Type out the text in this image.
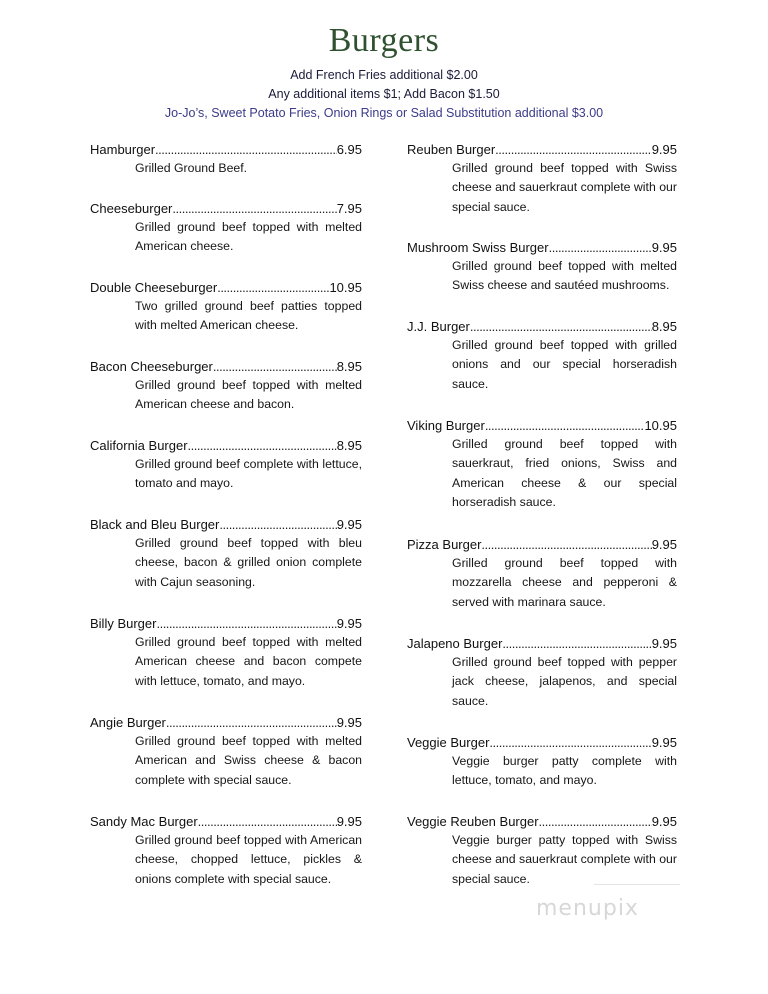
Burgers
Add French Fries additional $2.00
Any additional items $1; Add Bacon $1.50
Jo-Jo’s, Sweet Potato Fries, Onion Rings or Salad Substitution additional $3.00
Hamburger .....	6.95
Grilled Ground Beef.
Cheeseburger .....	7.95
Grilled ground beef topped with melted American cheese.
Double Cheeseburger .....	10.95
Two grilled ground beef patties topped with melted American cheese.
Bacon Cheeseburger .....	8.95
Grilled ground beef topped with melted American cheese and bacon.
California Burger .....	8.95
Grilled ground beef complete with lettuce, tomato and mayo.
Black and Bleu Burger .....	9.95
Grilled ground beef topped with bleu cheese, bacon & grilled onion complete with Cajun seasoning.
Billy Burger .....	9.95
Grilled ground beef topped with melted American cheese and bacon compete with lettuce, tomato, and mayo.
Angie Burger .....	9.95
Grilled ground beef topped with melted American and Swiss cheese & bacon complete with special sauce.
Sandy Mac Burger .....	9.95
Grilled ground beef topped with American cheese, chopped lettuce, pickles & onions complete with special sauce.
Reuben Burger .....	9.95
Grilled ground beef topped with Swiss cheese and sauerkraut complete with our special sauce.
Mushroom Swiss Burger .....	9.95
Grilled ground beef topped with melted Swiss cheese and sautéed mushrooms.
J.J. Burger .....	8.95
Grilled ground beef topped with grilled onions and our special horseradish sauce.
Viking Burger .....	10.95
Grilled ground beef topped with sauerkraut, fried onions, Swiss and American cheese & our special horseradish sauce.
Pizza Burger .....	9.95
Grilled ground beef topped with mozzarella cheese and pepperoni & served with marinara sauce.
Jalapeno Burger .....	9.95
Grilled ground beef topped with pepper jack cheese, jalapenos, and special sauce.
Veggie Burger .....	9.95
Veggie burger patty complete with lettuce, tomato, and mayo.
Veggie Reuben Burger .....	9.95
Veggie burger patty topped with Swiss cheese and sauerkraut complete with our special sauce.
menupix
